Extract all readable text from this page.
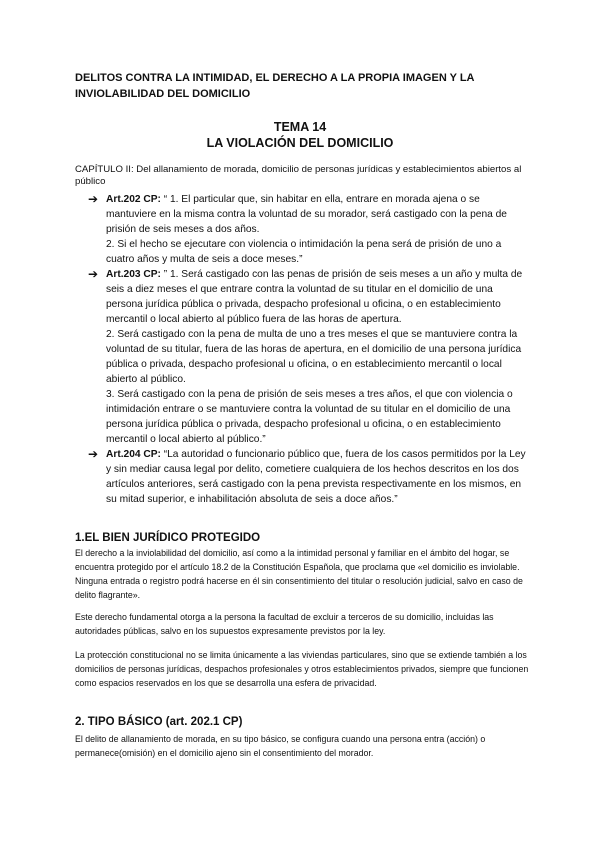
DELITOS CONTRA LA INTIMIDAD, EL DERECHO A LA PROPIA IMAGEN Y LA INVIOLABILIDAD DEL DOMICILIO
TEMA 14
LA VIOLACIÓN DEL DOMICILIO
CAPÍTULO II: Del allanamiento de morada, domicilio de personas jurídicas y establecimientos abiertos al público
➔ Art.202 CP: “ 1. El particular que, sin habitar en ella, entrare en morada ajena o se mantuviere en la misma contra la voluntad de su morador, será castigado con la pena de prisión de seis meses a dos años.
2. Si el hecho se ejecutare con violencia o intimidación la pena será de prisión de uno a cuatro años y multa de seis a doce meses.”
➔ Art.203 CP: ” 1. Será castigado con las penas de prisión de seis meses a un año y multa de seis a diez meses el que entrare contra la voluntad de su titular en el domicilio de una persona jurídica pública o privada, despacho profesional u oficina, o en establecimiento mercantil o local abierto al público fuera de las horas de apertura.
2. Será castigado con la pena de multa de uno a tres meses el que se mantuviere contra la voluntad de su titular, fuera de las horas de apertura, en el domicilio de una persona jurídica pública o privada, despacho profesional u oficina, o en establecimiento mercantil o local abierto al público.
3. Será castigado con la pena de prisión de seis meses a tres años, el que con violencia o intimidación entrare o se mantuviere contra la voluntad de su titular en el domicilio de una persona jurídica pública o privada, despacho profesional u oficina, o en establecimiento mercantil o local abierto al público.”
➔ Art.204 CP: “La autoridad o funcionario público que, fuera de los casos permitidos por la Ley y sin mediar causa legal por delito, cometiere cualquiera de los hechos descritos en los dos artículos anteriores, será castigado con la pena prevista respectivamente en los mismos, en su mitad superior, e inhabilitación absoluta de seis a doce años.”
1.EL BIEN JURÍDICO PROTEGIDO
El derecho a la inviolabilidad del domicilio, así como a la intimidad personal y familiar en el ámbito del hogar, se encuentra protegido por el artículo 18.2 de la Constitución Española, que proclama que «el domicilio es inviolable. Ninguna entrada o registro podrá hacerse en él sin consentimiento del titular o resolución judicial, salvo en caso de delito flagrante».
Este derecho fundamental otorga a la persona la facultad de excluir a terceros de su domicilio, incluidas las autoridades públicas, salvo en los supuestos expresamente previstos por la ley.
La protección constitucional no se limita únicamente a las viviendas particulares, sino que se extiende también a los domicilios de personas jurídicas, despachos profesionales y otros establecimientos privados, siempre que funcionen como espacios reservados en los que se desarrolla una esfera de privacidad.
2. TIPO BÁSICO (art. 202.1 CP)
El delito de allanamiento de morada, en su tipo básico, se configura cuando una persona entra (acción) o permanece(omisión) en el domicilio ajeno sin el consentimiento del morador.
